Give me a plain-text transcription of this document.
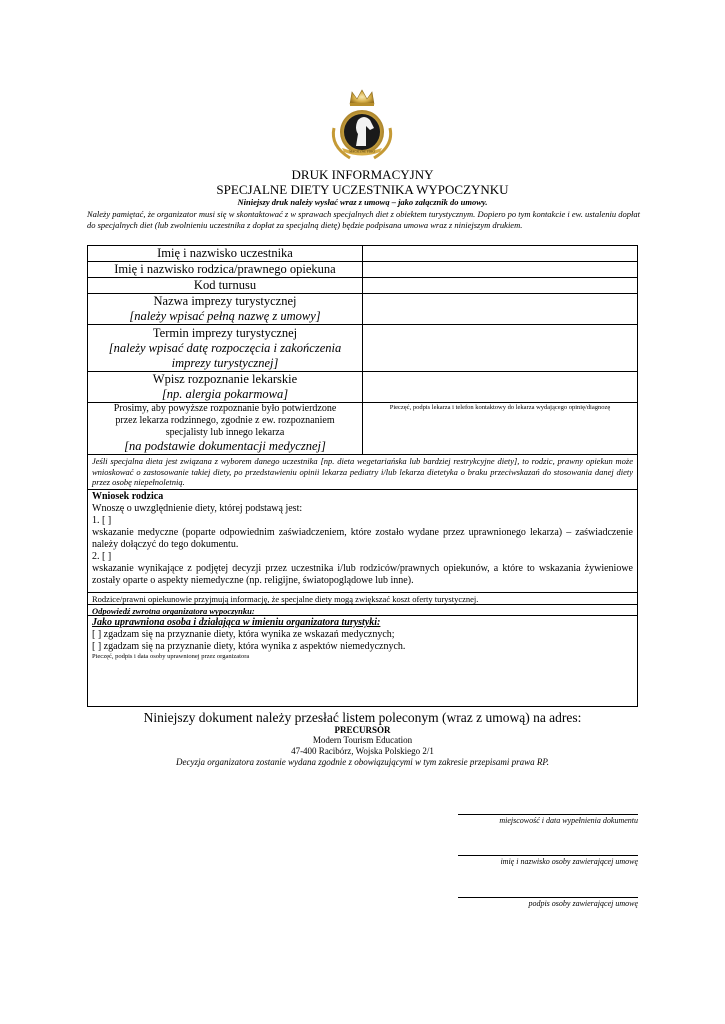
MAGICZNE PISKI
DRUK INFORMACYJNY
SPECJALNE DIETY UCZESTNIKA WYPOCZYNKU
Niniejszy druk należy wysłać wraz z umową – jako załącznik do umowy.
Należy pamiętać, że organizator musi się w skontaktować z w sprawach specjalnych diet z obiektem turystycznym. Dopiero po tym kontakcie i ew. ustaleniu dopłat do specjalnych diet (lub zwolnieniu uczestnika z dopłat za specjalną dietę) będzie podpisana umowa wraz z niniejszym drukiem.
Imię i nazwisko uczestnika
Imię i nazwisko rodzica/prawnego opiekuna
Kod turnusu
Nazwa imprezy turystycznej
[należy wpisać pełną nazwę z umowy]
Termin imprezy turystycznej
[należy wpisać datę rozpoczęcia i zakończenia
imprezy turystycznej]
Wpisz rozpoznanie lekarskie
[np. alergia pokarmowa]
Prosimy, aby powyższe rozpoznanie było potwierdzone
przez lekarza rodzinnego, zgodnie z ew. rozpoznaniem
specjalisty lub innego lekarza
[na podstawie dokumentacji medycznej]
Pieczęć, podpis lekarza i telefon kontaktowy do lekarza wydającego opinię/diagnozę
Jeśli specjalna dieta jest związana z wyborem danego uczestnika [np. dieta wegetariańska lub bardziej restrykcyjne diety], to rodzic, prawny opiekun może wnioskować o zastosowanie takiej diety, po przedstawieniu opinii lekarza pediatry i/lub lekarza dietetyka o braku przeciwskazań do stosowania danej diety przez osobę niepełnoletnią.
Wniosek rodzica
Wnoszę o uwzględnienie diety, której podstawą jest:
1. [ ]
wskazanie medyczne (poparte odpowiednim zaświadczeniem, które zostało wydane przez uprawnionego lekarza) – zaświadczenie należy dołączyć do tego dokumentu.
2. [ ]
wskazanie wynikające z podjętej decyzji przez uczestnika i/lub rodziców/prawnych opiekunów, a które to wskazania żywieniowe zostały oparte o aspekty niemedyczne (np. religijne, światopoglądowe lub inne).
Rodzice/prawni opiekunowie przyjmują informację, że specjalne diety mogą zwiększać koszt oferty turystycznej.
Odpowiedź zwrotna organizatora wypoczynku:
Jako uprawniona osoba i działająca w imieniu organizatora turystyki:
[ ] zgadzam się na przyznanie diety, która wynika ze wskazań medycznych;
[ ] zgadzam się na przyznanie diety, która wynika z aspektów niemedycznych.
Pieczęć, podpis i data osoby uprawnionej przez organizatora
Niniejszy dokument należy przesłać listem poleconym (wraz z umową) na adres:
PRECURSOR
Modern Tourism Education
47-400 Racibórz, Wojska Polskiego 2/1
Decyzja organizatora zostanie wydana zgodnie z obowiązującymi w tym zakresie przepisami prawa RP.
miejscowość i data wypełnienia dokumentu
imię i nazwisko osoby zawierającej umowę
podpis osoby zawierającej umowę
